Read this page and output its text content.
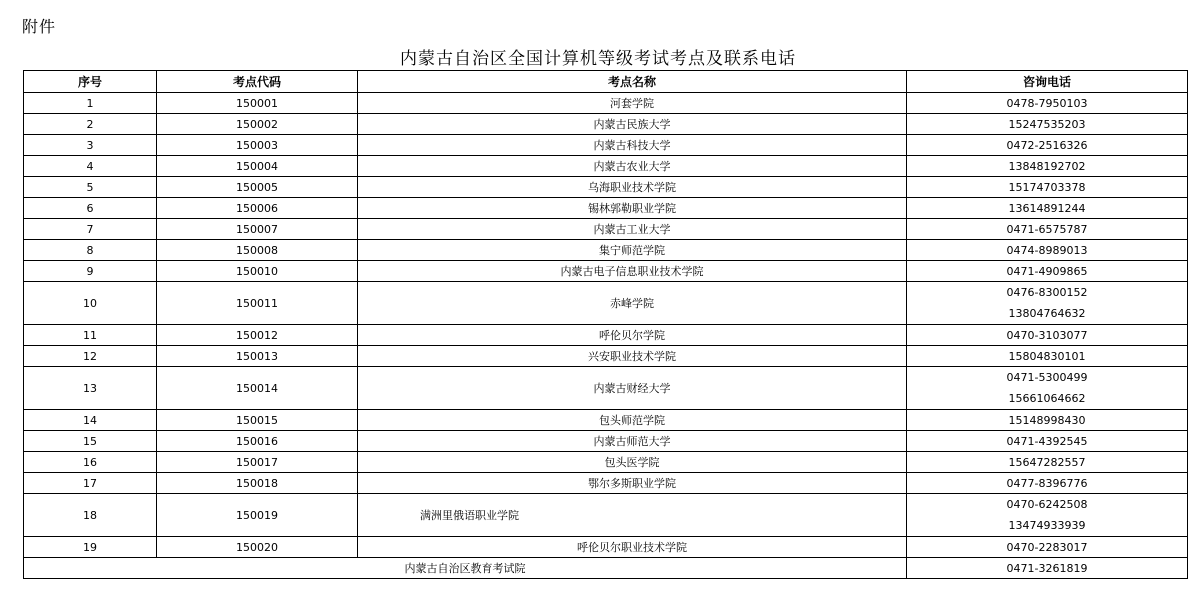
附件
内蒙古自治区全国计算机等级考试考点及联系电话
序号	考点代码	考点名称	咨询电话
1	150001	河套学院	0478-7950103
2	150002	内蒙古民族大学	15247535203
3	150003	内蒙古科技大学	0472-2516326
4	150004	内蒙古农业大学	13848192702
5	150005	乌海职业技术学院	15174703378
6	150006	锡林郭勒职业学院	13614891244
7	150007	内蒙古工业大学	0471-6575787
8	150008	集宁师范学院	0474-8989013
9	150010	内蒙古电子信息职业技术学院	0471-4909865
10	150011	赤峰学院	0476-8300152
13804764632

11	150012	呼伦贝尔学院	0470-3103077
12	150013	兴安职业技术学院	15804830101
13	150014	内蒙古财经大学	0471-5300499
15661064662

14	150015	包头师范学院	15148998430
15	150016	内蒙古师范大学	0471-4392545
16	150017	包头医学院	15647282557
17	150018	鄂尔多斯职业学院	0477-8396776
18	150019	满洲里俄语职业学院	0470-6242508
13474933939

19	150020	呼伦贝尔职业技术学院	0470-2283017
内蒙古自治区教育考试院			0471-3261819
